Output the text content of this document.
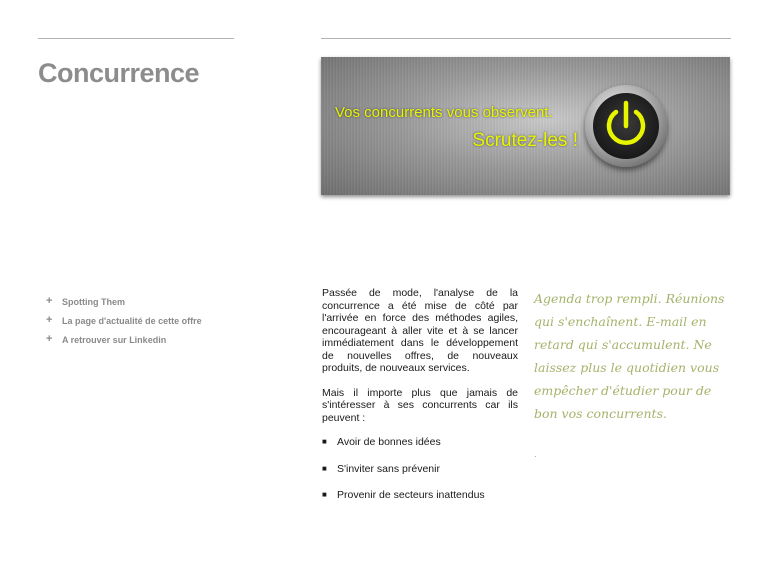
Concurrence
Vos concurrents vous observent.
Scrutez-les !
+	Spotting Them
+	La page d'actualité de cette offre
+	A retrouver sur Linkedin

Passée de mode, l'analyse de la concurrence a été mise de côté par l'arrivée en force des méthodes agiles, encourageant à aller vite et à se lancer immédiatement dans le développement de nouvelles offres, de nouveaux produits, de nouveaux services.

Mais il importe plus que jamais de s'intéresser à ses concurrents car ils peuvent :

■ Avoir de bonnes idées
■ S'inviter sans prévenir
■ Provenir de secteurs inattendus
Agenda trop rempli. Réunions qui s'enchaînent. E-mail en retard qui s'accumulent. Ne laissez plus le quotidien vous empêcher d'étudier pour de bon vos concurrents.
.
